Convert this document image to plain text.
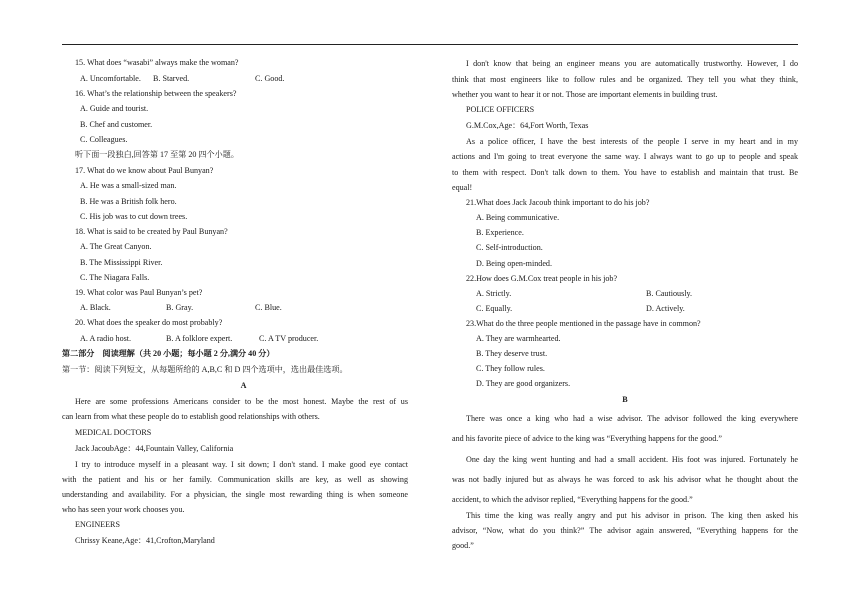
15. What does “wasabi” always make the woman?
A. Uncomfortable. B. Starved.	C. Good.
16. What’s the relationship between the speakers?
A. Guide and tourist.
B. Chef and customer.
C. Colleagues.
听下面一段独白,回答第 17 至第 20 四个小题。
17. What do we know about Paul Bunyan?
A. He was a small-sized man.
B. He was a British folk hero.
C. His job was to cut down trees.
18. What is said to be created by Paul Bunyan?
A. The Great Canyon.
B. The Mississippi River.
C. The Niagara Falls.
19. What color was Paul Bunyan’s pet?
A. Black.	B. Gray.	C. Blue.
20. What does the speaker do most probably?
A. A radio host.	B. A folklore expert.	C. A TV producer.
第二部分　阅读理解（共 20 小题；每小题 2 分,满分 40 分）
第一节：阅读下列短文，从每题所给的 A,B,C 和 D 四个选项中，选出最佳选项。
A
Here are some professions Americans consider to be the most honest. Maybe the rest of us
can learn from what these people do to establish good relationships with others.
MEDICAL DOCTORS
Jack JacoubAge：44,Fountain Valley, California
I try to introduce myself in a pleasant way. I sit down; I don't stand. I make good eye contact
with the patient and his or her family. Communication skills are key, as well as showing
understanding and availability. For a physician, the single most rewarding thing is when someone
who has seen your work chooses you.
ENGINEERS
Chrissy Keane,Age：41,Crofton,Maryland
I don't know that being an engineer means you are automatically trustworthy. However, I do
think that most engineers like to follow rules and be organized. They tell you what they think,
whether you want to hear it or not. Those are important elements in building trust.
POLICE OFFICERS
G.M.Cox,Age：64,Fort Worth, Texas
As a police officer, I have the best interests of the people I serve in my heart and in my
actions and I'm going to treat everyone the same way. I always want to go up to people and speak
to them with respect. Don't talk down to them. You have to establish and maintain that trust. Be
equal!
21.What does Jack Jacoub think important to do his job?
A. Being communicative.
B. Experience.
C. Self-introduction.
D. Being open-minded.
22.How does G.M.Cox treat people in his job?
A. Strictly.	B. Cautiously.
C. Equally.	D. Actively.
23.What do the three people mentioned in the passage have in common?
A. They are warmhearted.
B. They deserve trust.
C. They follow rules.
D. They are good organizers.
B
There was once a king who had a wise advisor. The advisor followed the king everywhere
and his favorite piece of advice to the king was “Everything happens for the good.”
One day the king went hunting and had a small accident. His foot was injured. Fortunately he
was not badly injured but as always he was forced to ask his advisor what he thought about the
accident, to which the advisor replied, “Everything happens for the good.”
This time the king was really angry and put his advisor in prison. The king then asked his
advisor, “Now, what do you think?” The advisor again answered, “Everything happens for the
good.”
